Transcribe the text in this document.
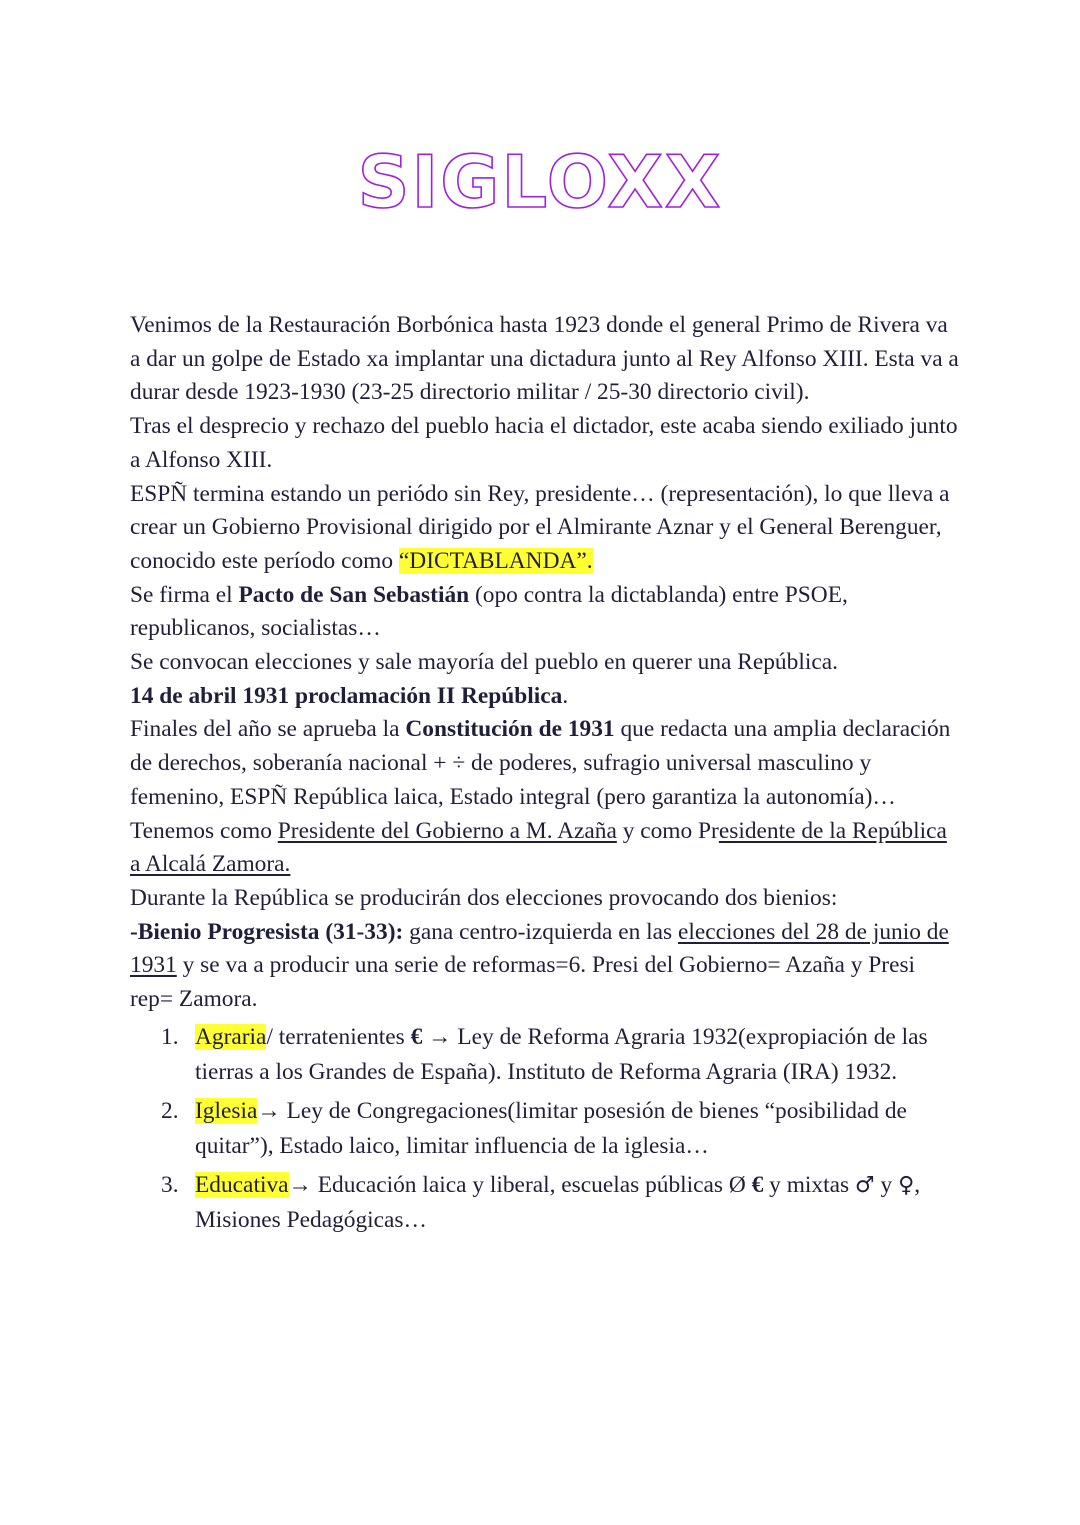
SIGLOXX

Venimos de la Restauración Borbónica hasta 1923 donde el general Primo de Rivera va a dar un golpe de Estado xa implantar una dictadura junto al Rey Alfonso XIII. Esta va a durar desde 1923-1930 (23-25 directorio militar / 25-30 directorio civil).

Tras el desprecio y rechazo del pueblo hacia el dictador, este acaba siendo exiliado junto a Alfonso XIII.

ESPÑ termina estando un periódo sin Rey, presidente… (representación), lo que lleva a crear un Gobierno Provisional dirigido por el Almirante Aznar y el General Berenguer, conocido este período como “DICTABLANDA”.

Se firma el Pacto de San Sebastián (opo contra la dictablanda) entre PSOE, republicanos, socialistas…

Se convocan elecciones y sale mayoría del pueblo en querer una República.

14 de abril 1931 proclamación II República.

Finales del año se aprueba la Constitución de 1931 que redacta una amplia declaración de derechos, soberanía nacional + ÷ de poderes, sufragio universal masculino y femenino, ESPÑ República laica, Estado integral (pero garantiza la autonomía)…

Tenemos como Presidente del Gobierno a M. Azaña y como Presidente de la República a Alcalá Zamora.

Durante la República se producirán dos elecciones provocando dos bienios:

-Bienio Progresista (31-33): gana centro-izquierda en las elecciones del 28 de junio de 1931 y se va a producir una serie de reformas=6. Presi del Gobierno= Azaña y Presi rep= Zamora.

1. Agraria/ terratenientes € → Ley de Reforma Agraria 1932(expropiación de las tierras a los Grandes de España). Instituto de Reforma Agraria (IRA) 1932.
2. Iglesia→ Ley de Congregaciones(limitar posesión de bienes “posibilidad de quitar”), Estado laico, limitar influencia de la iglesia…
3. Educativa→ Educación laica y liberal, escuelas públicas Ø € y mixtas ♂ y ♀, Misiones Pedagógicas…
